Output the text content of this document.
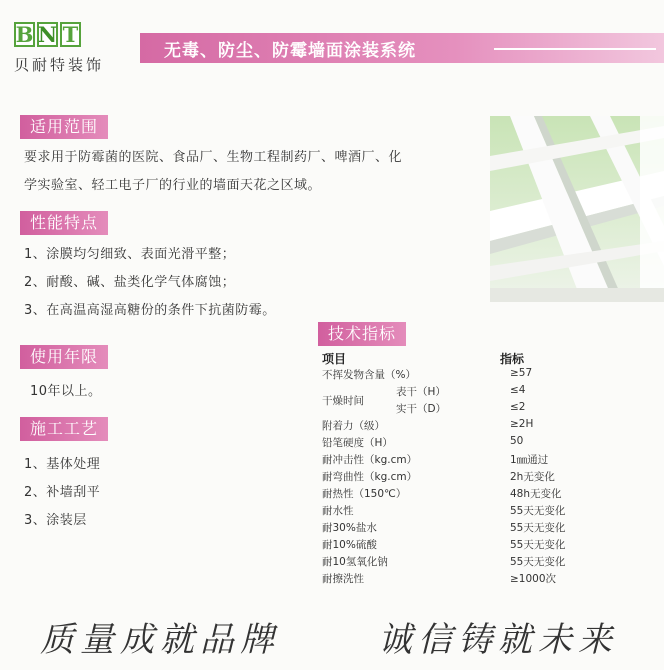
B N T
贝耐特装饰
无毒、防尘、防霉墙面涂装系统
适用范围
要求用于防霉菌的医院、食品厂、生物工程制药厂、啤酒厂、化
学实验室、轻工电子厂的行业的墙面天花之区域。
性能特点
1、涂膜均匀细致、表面光滑平整；
2、耐酸、碱、盐类化学气体腐蚀；
3、在高温高湿高糖份的条件下抗菌防霉。
使用年限
10年以上。
施工工艺
1、基体处理
2、补墙刮平
3、涂装层
技术指标
项目	指标
不挥发物含量（%）	≥57
干燥时间
表干（H）	≤4
实干（D）	≤2
附着力（级）	≥2H
铅笔硬度（H）	50
耐冲击性（kg.cm）	1㎜通过
耐弯曲性（kg.cm）	2h无变化
耐热性（150℃）	48h无变化
耐水性	55天无变化
耐30%盐水	55天无变化
耐10%硫酸	55天无变化
耐10氢氧化钠	55天无变化
耐擦洗性	≥1000次
质量成就品牌	诚信铸就未来
